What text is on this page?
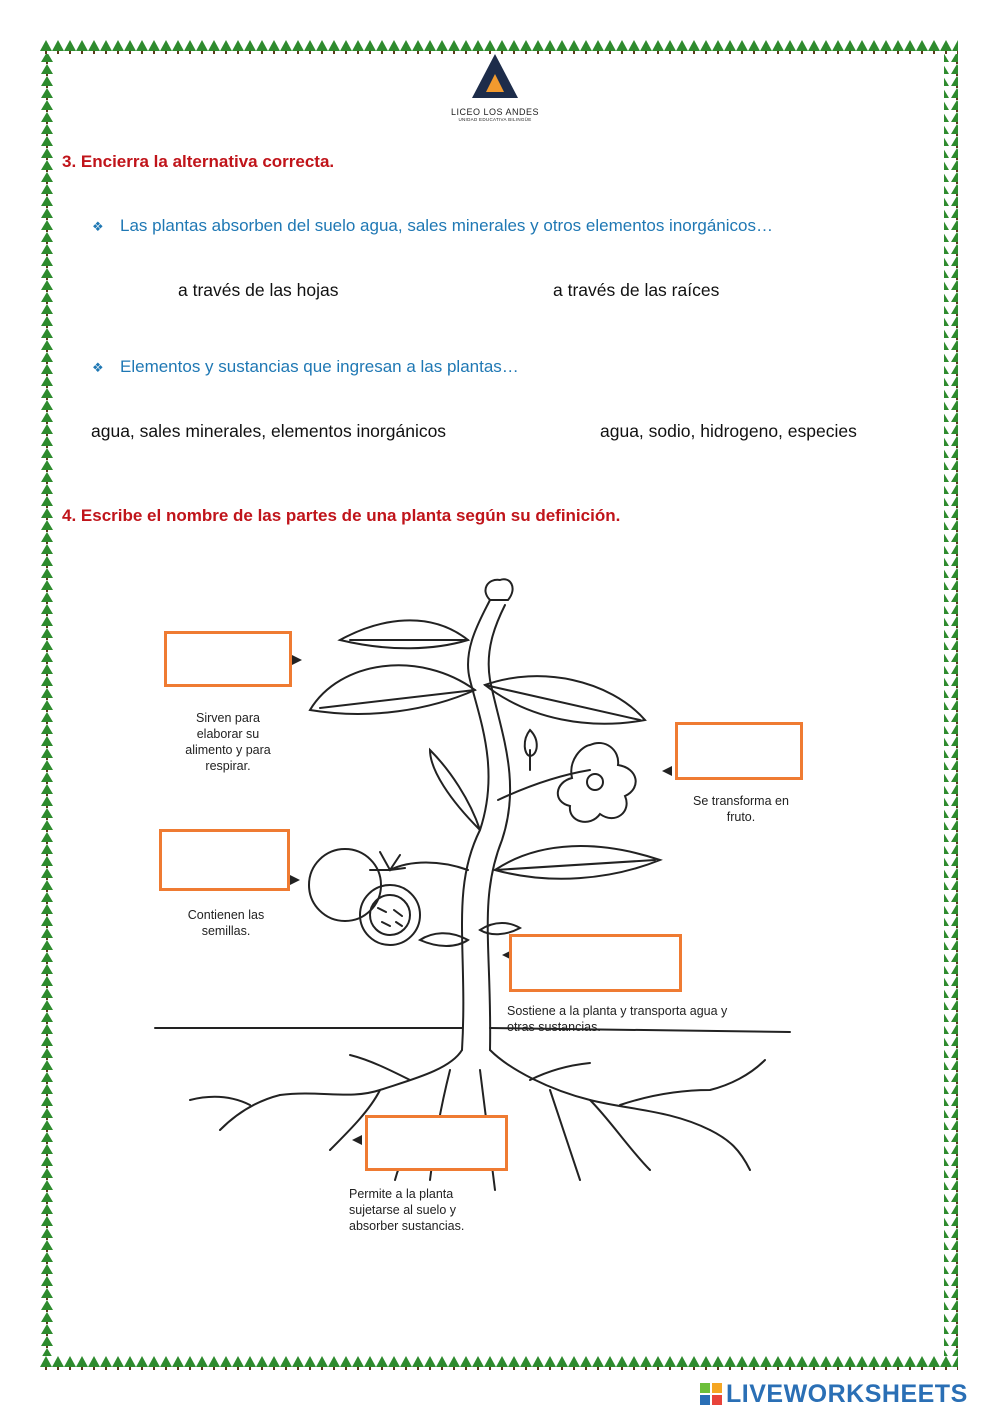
LICEO LOS ANDES
UNIDAD EDUCATIVA BILINGÜE
3. Encierra la alternativa correcta.
❖ Las plantas absorben del suelo agua, sales minerales y otros elementos inorgánicos…
a través de las hojas	a través de las raíces
❖ Elementos y sustancias que ingresan a las plantas…
agua, sales minerales, elementos inorgánicos	agua, sodio, hidrogeno, especies
4. Escribe el nombre de las partes de una planta según su definición.
Sirven para elaborar su alimento y para respirar.
Se transforma en fruto.
Contienen las semillas.
Sostiene a la planta y transporta agua y otras sustancias.
Permite a la planta sujetarse al suelo y absorber sustancias.
LIVEWORKSHEETS
